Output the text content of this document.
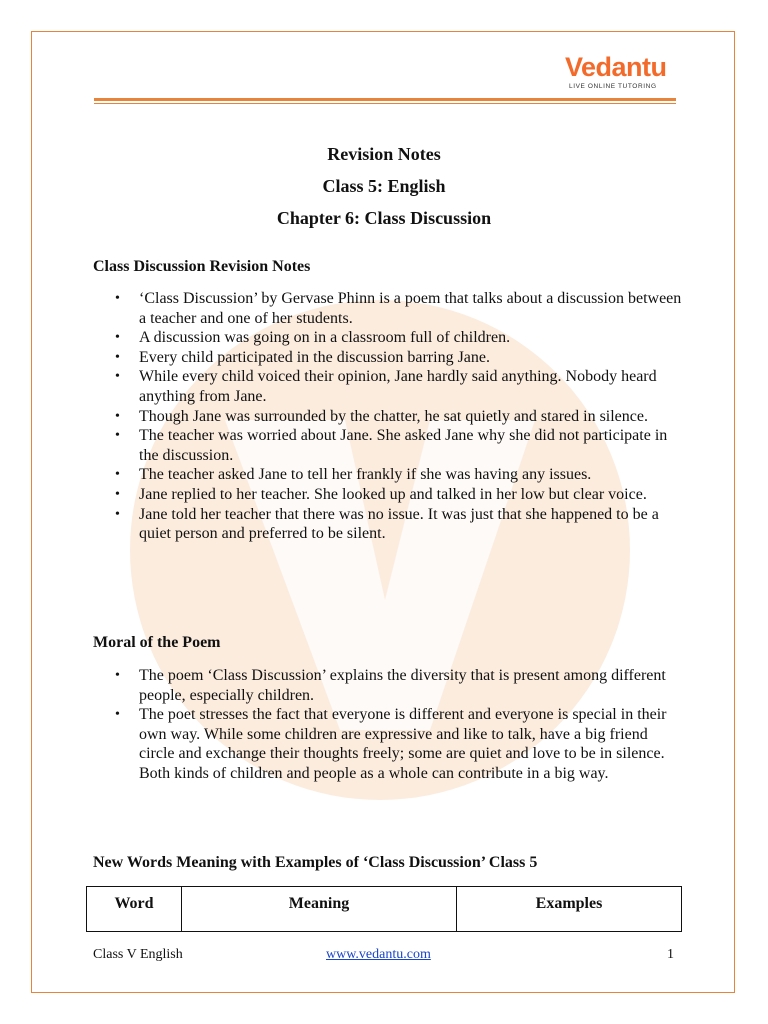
Vedantu
LIVE ONLINE TUTORING
Revision Notes
Class 5: English
Chapter 6: Class Discussion
Class Discussion Revision Notes
• ‘Class Discussion’ by Gervase Phinn is a poem that talks about a discussion between a teacher and one of her students.
• A discussion was going on in a classroom full of children.
• Every child participated in the discussion barring Jane.
• While every child voiced their opinion, Jane hardly said anything. Nobody heard anything from Jane.
• Though Jane was surrounded by the chatter, he sat quietly and stared in silence.
• The teacher was worried about Jane. She asked Jane why she did not participate in the discussion.
• The teacher asked Jane to tell her frankly if she was having any issues.
• Jane replied to her teacher. She looked up and talked in her low but clear voice.
• Jane told her teacher that there was no issue. It was just that she happened to be a quiet person and preferred to be silent.
Moral of the Poem
• The poem ‘Class Discussion’ explains the diversity that is present among different people, especially children.
• The poet stresses the fact that everyone is different and everyone is special in their own way. While some children are expressive and like to talk, have a big friend circle and exchange their thoughts freely; some are quiet and love to be in silence. Both kinds of children and people as a whole can contribute in a big way.
New Words Meaning with Examples of ‘Class Discussion’ Class 5
Word	Meaning	Examples
Class V English	www.vedantu.com	1
